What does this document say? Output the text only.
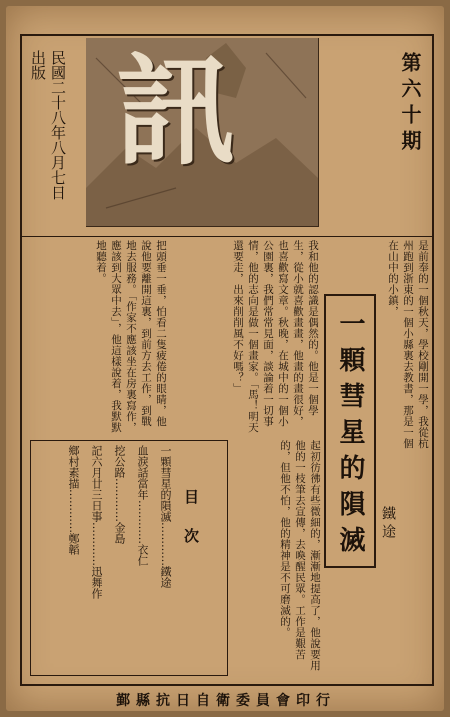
訊
民國二十八年八月七日出版	第六十期
是前奉的一個秋天，學校剛開一學，我從杭州跑到浙東的一個小縣裏去教書，那是一個在山中的小鎮，
一顆彗星的隕滅 鐵途
我和他的認識是偶然的。他是一個學生，從小就喜歡畫畫，他畫的畫很好，也喜歡寫文章。秋晚，在城中的一個小公園裏，我們常常見面，談論着一切事情，他的志向是做一個畫家。「馬！明天還要走，出來削削風不好嗎？」
把頭垂一垂，怕看二隻疲倦的眼睛，他說他要離開這裏，到前方去工作，到戰地去服務。「作家不應該坐在房裏寫作，應該到大眾中去」，他這樣說着，我默默地聽着。
起初彷彿有些微細的，漸漸地提高了，他說要用他的一枝筆去宣傳，去喚醒民眾。工作是艱苦的，但他不怕，他的精神是不可磨滅的。
目次
一顆彗星的隕滅…………鐵途
血淚話當年…………衣仁
挖公路…………金島
記六月廿三日事…………迅舞作
鄉村素描…………鄭韜
鄞縣抗日自衛委員會印行
